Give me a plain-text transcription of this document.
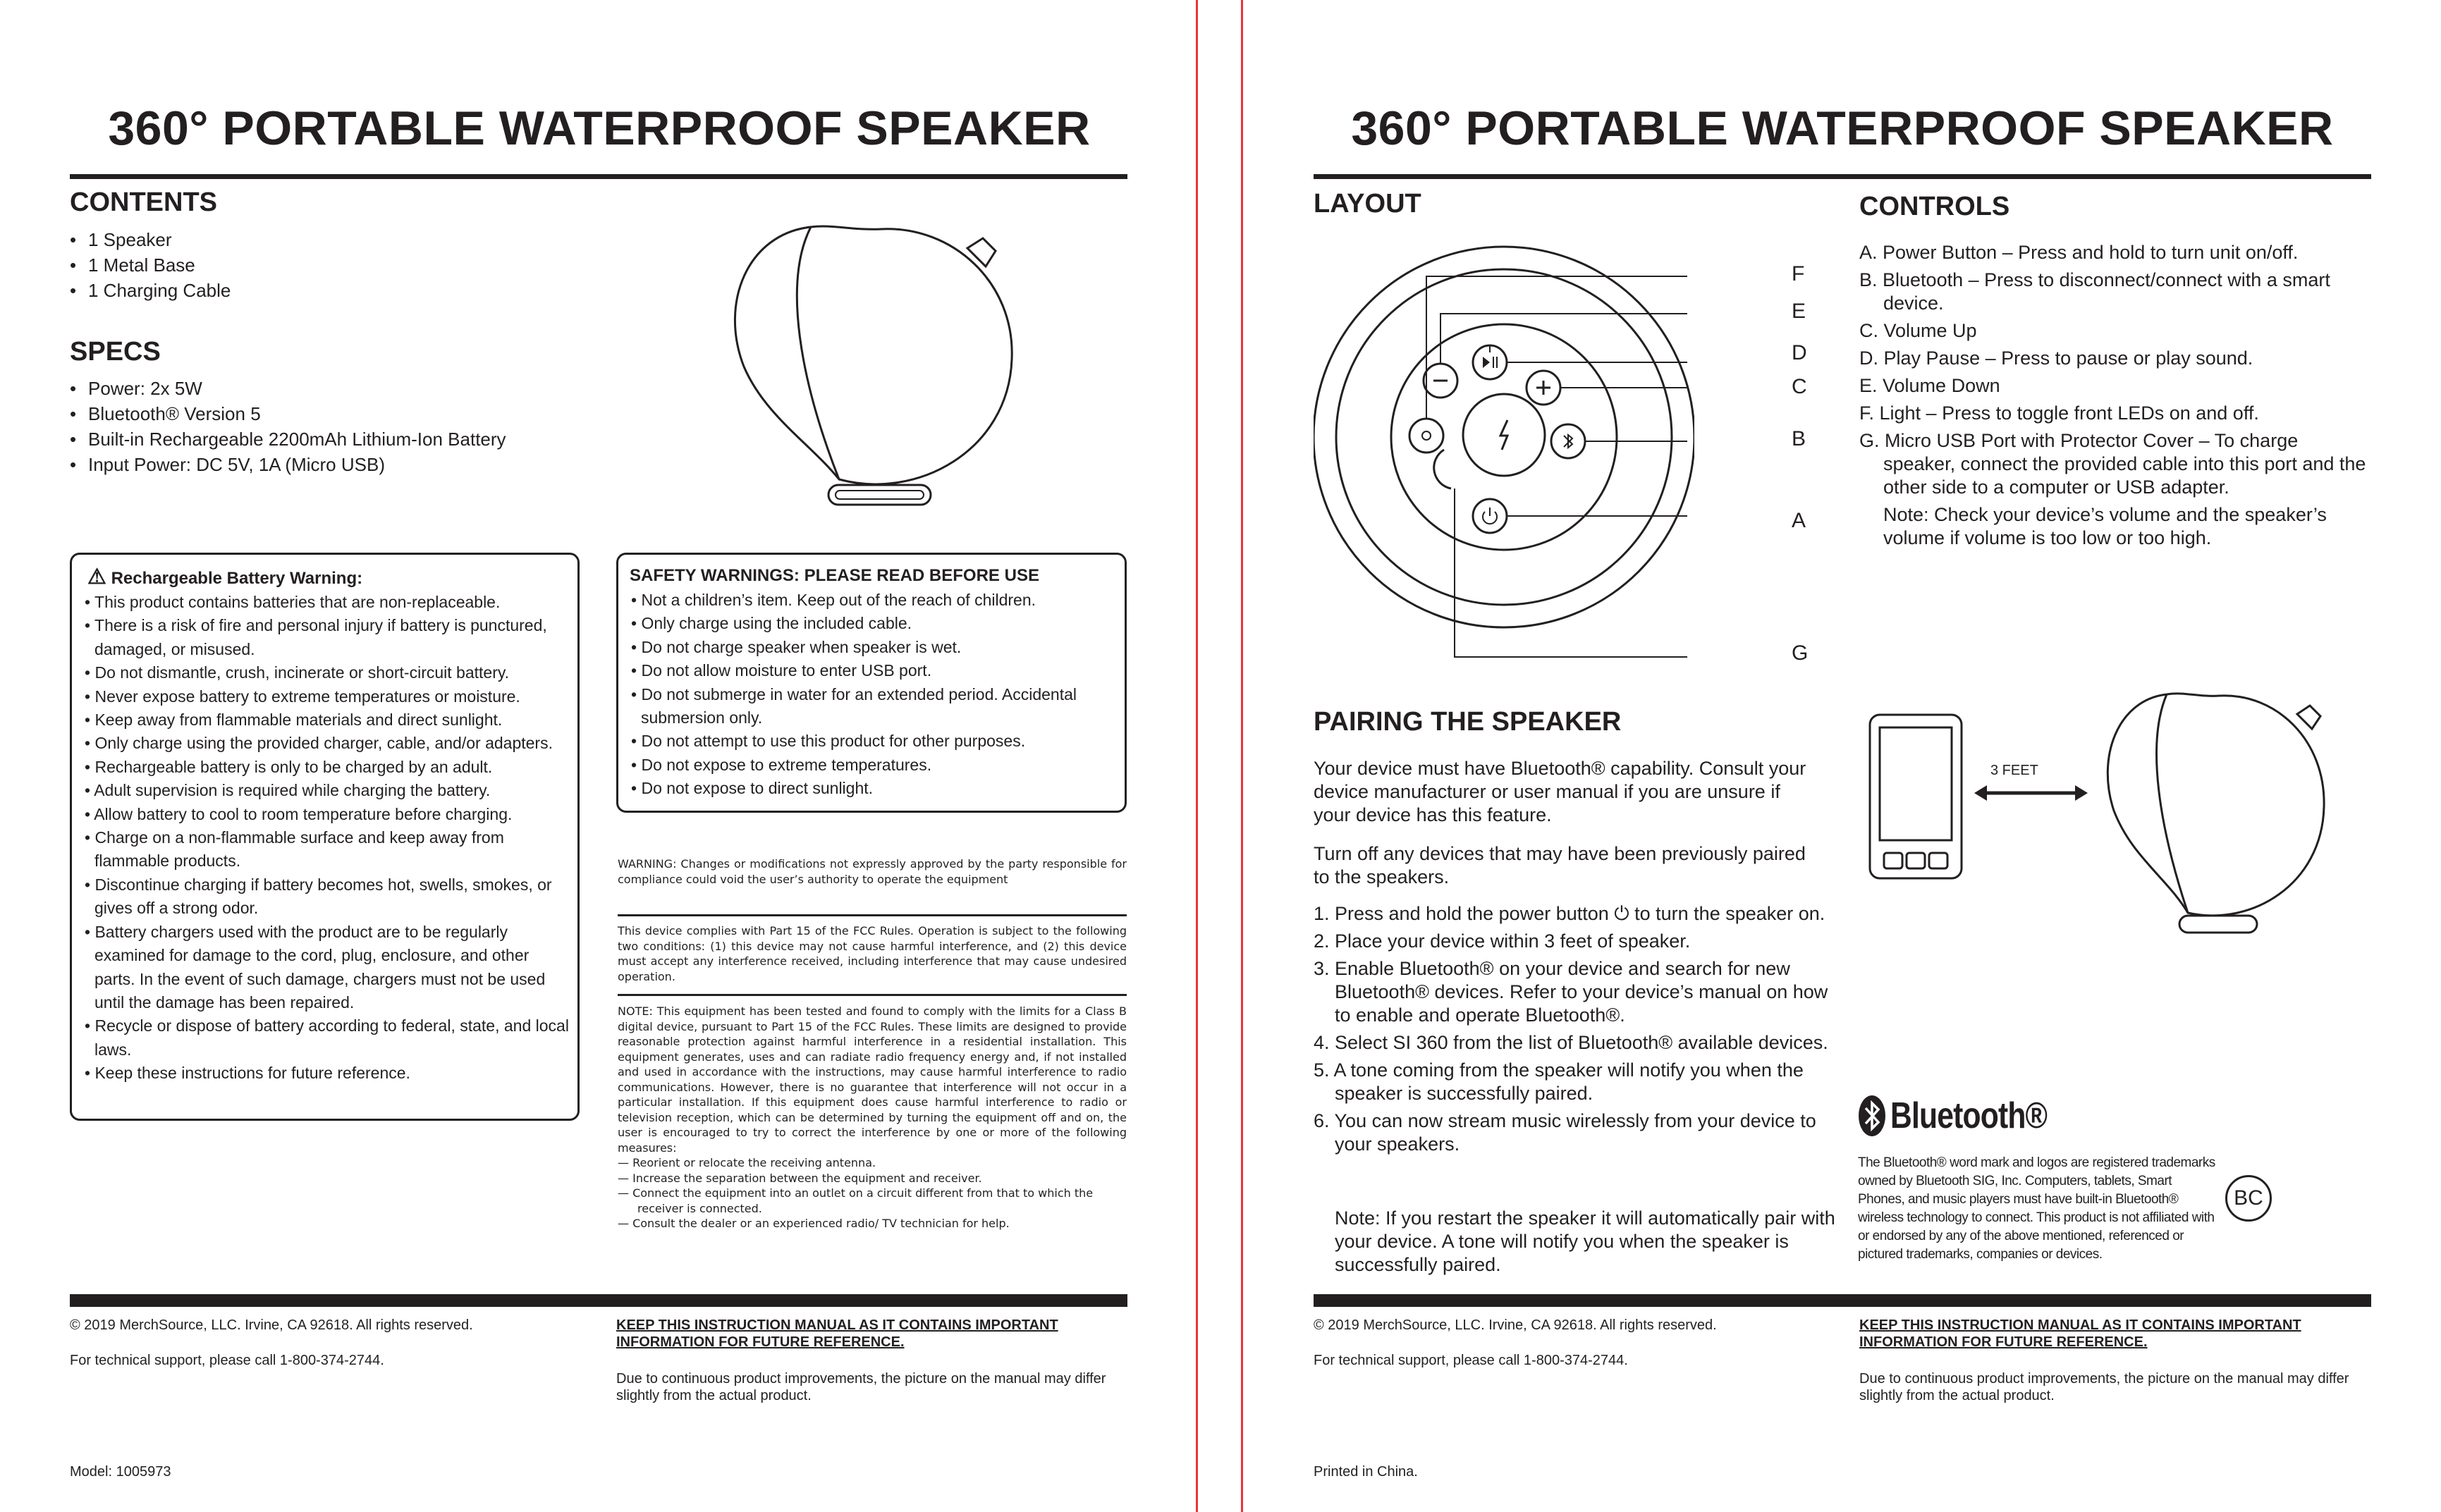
360° PORTABLE WATERPROOF SPEAKER
CONTENTS
• 1 Speaker
• 1 Metal Base
• 1 Charging Cable
SPECS
• Power: 2x 5W
• Bluetooth® Version 5
• Built-in Rechargeable 2200mAh Lithium-Ion Battery
• Input Power: DC 5V, 1A (Micro USB)
⚠ Rechargeable Battery Warning:
• This product contains batteries that are non-replaceable.
• There is a risk of fire and personal injury if battery is punctured, damaged, or misused.
• Do not dismantle, crush, incinerate or short-circuit battery.
• Never expose battery to extreme temperatures or moisture.
• Keep away from flammable materials and direct sunlight.
• Only charge using the provided charger, cable, and/or adapters.
• Rechargeable battery is only to be charged by an adult.
• Adult supervision is required while charging the battery.
• Allow battery to cool to room temperature before charging.
• Charge on a non-flammable surface and keep away from flammable products.
• Discontinue charging if battery becomes hot, swells, smokes, or gives off a strong odor.
• Battery chargers used with the product are to be regularly examined for damage to the cord, plug, enclosure, and other parts. In the event of such damage, chargers must not be used until the damage has been repaired.
• Recycle or dispose of battery according to federal, state, and local laws.
• Keep these instructions for future reference.
SAFETY WARNINGS: PLEASE READ BEFORE USE
• Not a children’s item. Keep out of the reach of children.
• Only charge using the included cable.
• Do not charge speaker when speaker is wet.
• Do not allow moisture to enter USB port.
• Do not submerge in water for an extended period. Accidental submersion only.
• Do not attempt to use this product for other purposes.
• Do not expose to extreme temperatures.
• Do not expose to direct sunlight.
WARNING: Changes or modifications not expressly approved by the party responsible for compliance could void the user’s authority to operate the equipment
This device complies with Part 15 of the FCC Rules. Operation is subject to the following two conditions: (1) this device may not cause harmful interference, and (2) this device must accept any interference received, including interference that may cause undesired operation.
NOTE: This equipment has been tested and found to comply with the limits for a Class B digital device, pursuant to Part 15 of the FCC Rules. These limits are designed to provide reasonable protection against harmful interference in a residential installation. This equipment generates, uses and can radiate radio frequency energy and, if not installed and used in accordance with the instructions, may cause harmful interference to radio communications. However, there is no guarantee that interference will not occur in a particular installation. If this equipment does cause harmful interference to radio or television reception, which can be determined by turning the equipment off and on, the user is encouraged to try to correct the interference by one or more of the following measures:
— Reorient or relocate the receiving antenna.
— Increase the separation between the equipment and receiver.
— Connect the equipment into an outlet on a circuit different from that to which the receiver is connected.
— Consult the dealer or an experienced radio/ TV technician for help.
© 2019 MerchSource, LLC. Irvine, CA 92618. All rights reserved.
For technical support, please call 1-800-374-2744.
KEEP THIS INSTRUCTION MANUAL AS IT CONTAINS IMPORTANT INFORMATION FOR FUTURE REFERENCE.
Due to continuous product improvements, the picture on the manual may differ slightly from the actual product.
Model: 1005973
360° PORTABLE WATERPROOF SPEAKER
LAYOUT
F
E
D
C
B
A
G
CONTROLS
A. Power Button – Press and hold to turn unit on/off.
B. Bluetooth – Press to disconnect/connect with a smart device.
C. Volume Up
D. Play Pause – Press to pause or play sound.
E. Volume Down
F. Light – Press to toggle front LEDs on and off.
G. Micro USB Port with Protector Cover – To charge speaker, connect the provided cable into this port and the other side to a computer or USB adapter.
Note: Check your device’s volume and the speaker’s volume if volume is too low or too high.
PAIRING THE SPEAKER
Your device must have Bluetooth® capability. Consult your device manufacturer or user manual if you are unsure if your device has this feature.
Turn off any devices that may have been previously paired to the speakers.
1. Press and hold the power button ⏻ to turn the speaker on.
2. Place your device within 3 feet of speaker.
3. Enable Bluetooth® on your device and search for new Bluetooth® devices. Refer to your device’s manual on how to enable and operate Bluetooth®.
4. Select SI 360 from the list of Bluetooth® available devices.
5. A tone coming from the speaker will notify you when the speaker is successfully paired.
6. You can now stream music wirelessly from your device to your speakers.
Note: If you restart the speaker it will automatically pair with your device. A tone will notify you when the speaker is successfully paired.
3 FEET
Bluetooth®
The Bluetooth® word mark and logos are registered trademarks owned by Bluetooth SIG, Inc. Computers, tablets, Smart Phones, and music players must have built-in Bluetooth® wireless technology to connect. This product is not affiliated with or endorsed by any of the above mentioned, referenced or pictured trademarks, companies or devices.
BC
© 2019 MerchSource, LLC. Irvine, CA 92618. All rights reserved.
For technical support, please call 1-800-374-2744.
KEEP THIS INSTRUCTION MANUAL AS IT CONTAINS IMPORTANT INFORMATION FOR FUTURE REFERENCE.
Due to continuous product improvements, the picture on the manual may differ slightly from the actual product.
Printed in China.
